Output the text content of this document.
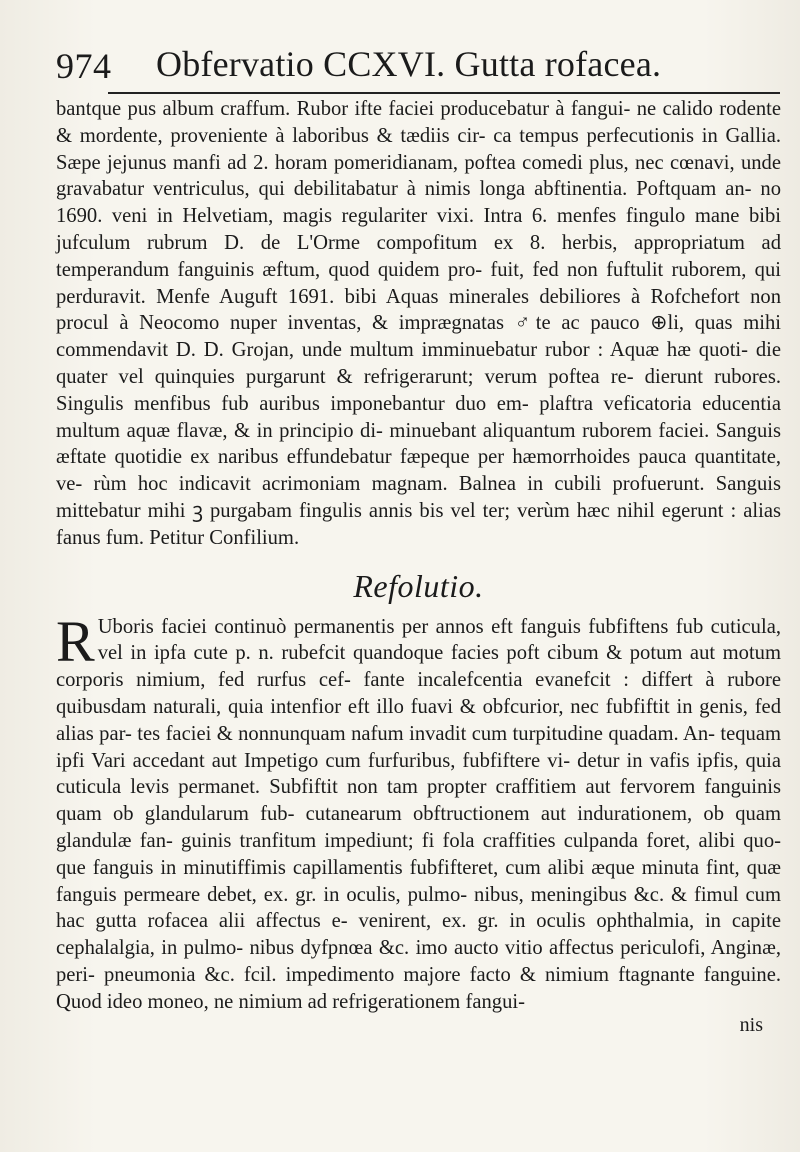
974 Obfervatio CCXVI. Gutta rofacea.

bantque pus album craffum. Rubor ifte faciei producebatur à fangui- ne calido rodente & mordente, proveniente à laboribus & tædiis cir- ca tempus perfecutionis in Gallia. Sæpe jejunus manfi ad 2. horam pomeridianam, poftea comedi plus, nec cœnavi, unde gravabatur ventriculus, qui debilitabatur à nimis longa abftinentia. Poftquam an- no 1690. veni in Helvetiam, magis regulariter vixi. Intra 6. menfes fingulo mane bibi jufculum rubrum D. de L'Orme compofitum ex 8. herbis, appropriatum ad temperandum fanguinis æftum, quod quidem pro- fuit, fed non fuftulit ruborem, qui perduravit. Menfe Auguft 1691. bibi Aquas minerales debiliores à Rofchefort non procul à Neocomo nuper inventas, & imprægnatas ♂te ac pauco ⊕li, quas mihi commendavit D. D. Grojan, unde multum imminuebatur rubor : Aquæ hæ quoti- die quater vel quinquies purgarunt & refrigerarunt; verum poftea re- dierunt rubores. Singulis menfibus fub auribus imponebantur duo em- plaftra veficatoria educentia multum aquæ flavæ, & in principio di- minuebant aliquantum ruborem faciei. Sanguis æftate quotidie ex naribus effundebatur fæpeque per hæmorrhoides pauca quantitate, ve- rùm hoc indicavit acrimoniam magnam. Balnea in cubili profuerunt. Sanguis mittebatur mihi ꝫ purgabam fingulis annis bis vel ter; verùm hæc nihil egerunt : alias fanus fum. Petitur Confilium.

Refolutio.

R Uboris faciei continuò permanentis per annos eft fanguis fubfiftens fub cuticula, vel in ipfa cute p. n. rubefcit quandoque facies poft cibum & potum aut motum corporis nimium, fed rurfus cef- fante incalefcentia evanefcit : differt à rubore quibusdam naturali, quia intenfior eft illo fuavi & obfcurior, nec fubfiftit in genis, fed alias par- tes faciei & nonnunquam nafum invadit cum turpitudine quadam. An- tequam ipfi Vari accedant aut Impetigo cum furfuribus, fubfiftere vi- detur in vafis ipfis, quia cuticula levis permanet. Subfiftit non tam propter craffitiem aut fervorem fanguinis quam ob glandularum fub- cutanearum obftructionem aut indurationem, ob quam glandulæ fan- guinis tranfitum impediunt; fi fola craffities culpanda foret, alibi quo- que fanguis in minutiffimis capillamentis fubfifteret, cum alibi æque minuta fint, quæ fanguis permeare debet, ex. gr. in oculis, pulmo- nibus, meningibus &c. & fimul cum hac gutta rofacea alii affectus e- venirent, ex. gr. in oculis ophthalmia, in capite cephalalgia, in pulmo- nibus dyfpnœa &c. imo aucto vitio affectus periculofi, Anginæ, peri- pneumonia &c. fcil. impedimento majore facto & nimium ftagnante fanguine. Quod ideo moneo, ne nimium ad refrigerationem fangui-

nis
